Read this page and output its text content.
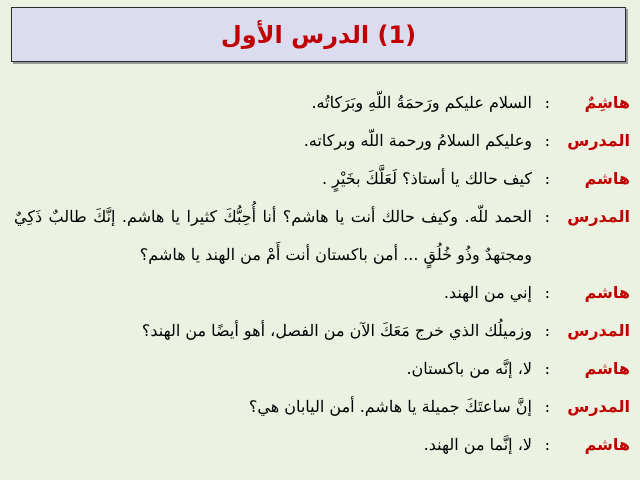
(1) الدرس الأول
هاشِمٌ
:
السلام عليكم ورَحمَةُ اللّهِ وبَرَكاتُه.
المدرس
:
وعليكم السلامُ ورحمة اللّه وبركاته.
هاشم
:
كيف حالك يا أستاذ؟ لَعَلَّكَ بخَيْرٍ .
المدرس
:
الحمد للّه. وكيف حالك أنت يا هاشم؟ أنا أُحِبُّكَ كثيرا يا هاشم. إنَّكَ طالبٌ ذَكِيٌ ومجتهدٌ وذُو خُلُقٍ ... أمن باكستان أنت أَمْ من الهند يا هاشم؟
هاشم
:
إني من الهند.
المدرس
:
وزميلُك الذي خرج مَعَكَ الآن من الفصل، أهو أيضًا من الهند؟
هاشم
:
لا، إنَّه من باكستان.
المدرس
:
إنَّ ساعتَكَ جميلة يا هاشم. أمن اليابان هي؟
هاشم
:
لا، إنَّما من الهند.
